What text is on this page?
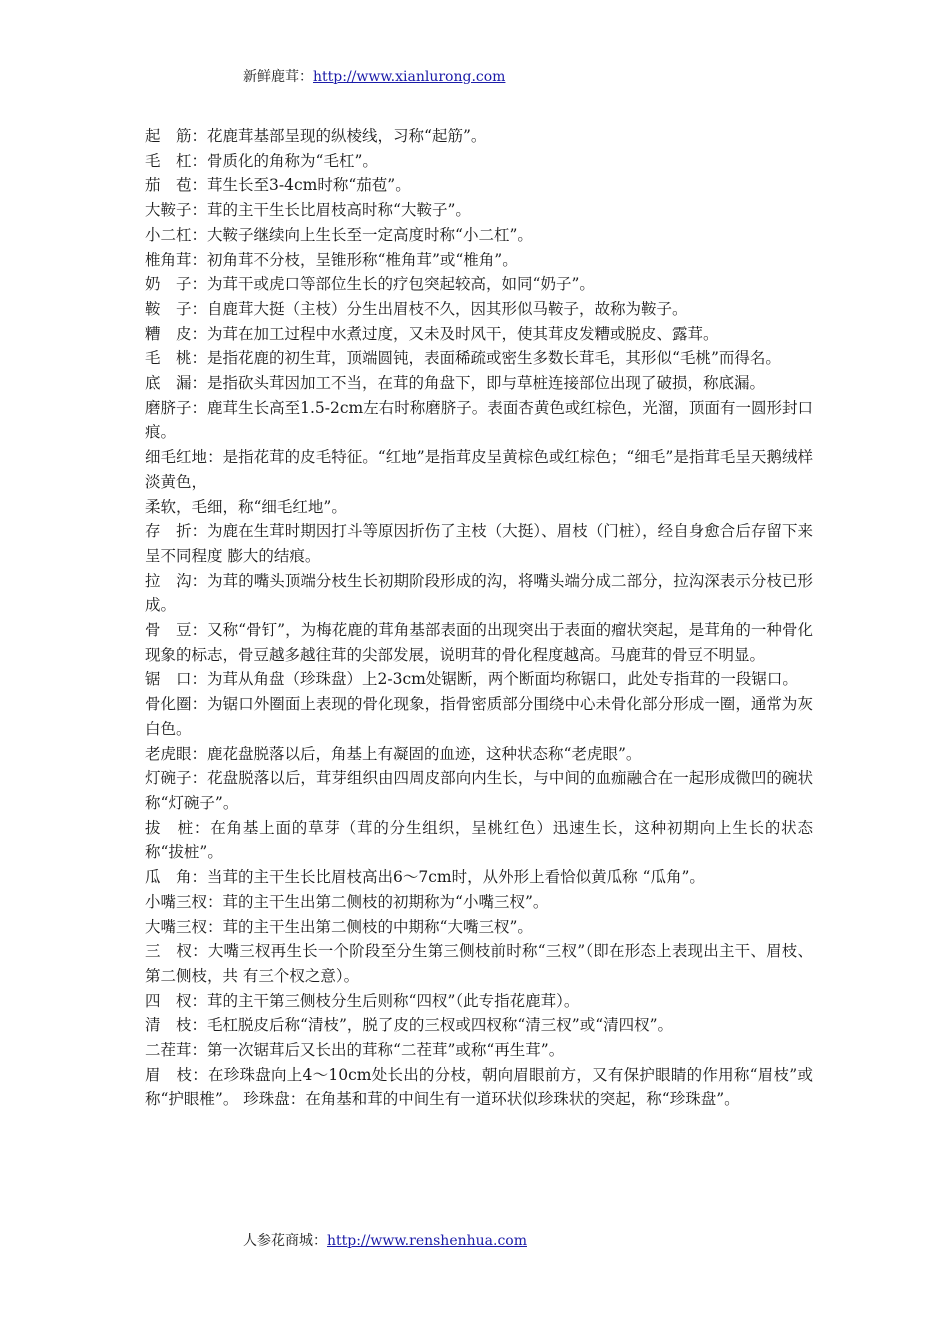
新鲜鹿茸：http://www.xianlurong.com

起　筋：花鹿茸基部呈现的纵棱线，习称“起筋”。

毛　杠：骨质化的角称为“毛杠”。

茄　苞：茸生长至3-4cm时称“茄苞”。

大鞍子：茸的主干生长比眉枝高时称“大鞍子”。

小二杠：大鞍子继续向上生长至一定高度时称“小二杠”。

椎角茸：初角茸不分枝，呈锥形称“椎角茸”或“椎角”。

奶　子：为茸干或虎口等部位生长的疗包突起较高，如同“奶子”。

鞍　子：自鹿茸大挺（主枝）分生出眉枝不久，因其形似马鞍子，故称为鞍子。

糟　皮：为茸在加工过程中水煮过度，又未及时风干，使其茸皮发糟或脱皮、露茸。

毛　桃：是指花鹿的初生茸，顶端圆钝，表面稀疏或密生多数长茸毛，其形似“毛桃”而得名。

底　漏：是指砍头茸因加工不当，在茸的角盘下，即与草桩连接部位出现了破损，称底漏。

磨脐子：鹿茸生长高至1.5-2cm左右时称磨脐子。表面杏黄色或红棕色，光溜，顶面有一圆形封口痕。

细毛红地：是指花茸的皮毛特征。“红地”是指茸皮呈黄棕色或红棕色；“细毛”是指茸毛呈天鹅绒样淡黄色，

柔软，毛细，称“细毛红地”。

存　折：为鹿在生茸时期因打斗等原因折伤了主枝（大挺）、眉枝（门桩），经自身愈合后存留下来呈不同程度 膨大的结痕。

拉　沟：为茸的嘴头顶端分枝生长初期阶段形成的沟，将嘴头端分成二部分，拉沟深表示分枝已形成。

骨　豆：又称“骨钉”，为梅花鹿的茸角基部表面的出现突出于表面的瘤状突起，是茸角的一种骨化现象的标志，骨豆越多越往茸的尖部发展，说明茸的骨化程度越高。马鹿茸的骨豆不明显。

锯　口：为茸从角盘（珍珠盘）上2-3cm处锯断，两个断面均称锯口，此处专指茸的一段锯口。

骨化圈：为锯口外圈面上表现的骨化现象，指骨密质部分围绕中心未骨化部分形成一圈，通常为灰白色。

老虎眼：鹿花盘脱落以后，角基上有凝固的血迹，这种状态称“老虎眼”。

灯碗子：花盘脱落以后，茸芽组织由四周皮部向内生长，与中间的血痂融合在一起形成微凹的碗状称“灯碗子”。

拔　桩：在角基上面的草芽（茸的分生组织，呈桃红色）迅速生长，这种初期向上生长的状态称“拔桩”。

瓜　角：当茸的主干生长比眉枝高出6～7cm时，从外形上看恰似黄瓜称 “瓜角”。

小嘴三杈：茸的主干生出第二侧枝的初期称为“小嘴三杈”。

大嘴三杈：茸的主干生出第二侧枝的中期称“大嘴三杈”。

三　杈：大嘴三杈再生长一个阶段至分生第三侧枝前时称“三杈”（即在形态上表现出主干、眉枝、第二侧枝，共 有三个杈之意）。

四　杈：茸的主干第三侧枝分生后则称“四杈”（此专指花鹿茸）。

清　枝：毛杠脱皮后称“清枝”，脱了皮的三杈或四杈称“清三杈”或“清四杈”。

二茬茸：第一次锯茸后又长出的茸称“二茬茸”或称“再生茸”。

眉　枝：在珍珠盘向上4～10cm处长出的分枝，朝向眉眼前方，又有保护眼睛的作用称“眉枝”或称“护眼椎”。 珍珠盘：在角基和茸的中间生有一道环状似珍珠状的突起，称“珍珠盘”。

人参花商城：http://www.renshenhua.com
